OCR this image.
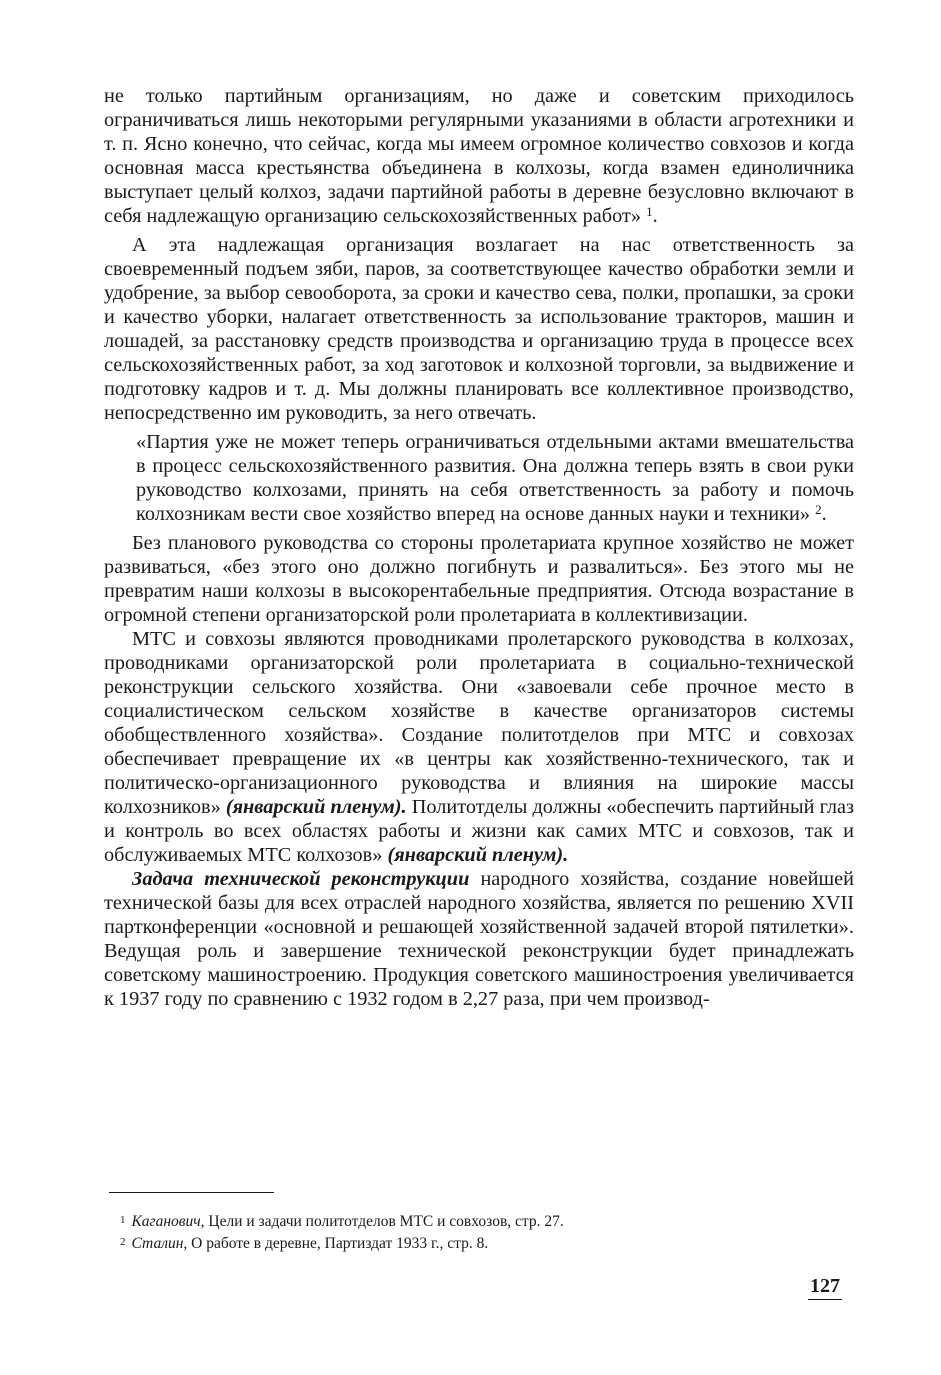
не только партийным организациям, но даже и советским приходилось ограничиваться лишь некоторыми регулярными указаниями в области агротехники и т. п. Ясно конечно, что сейчас, когда мы имеем огромное количество совхозов и когда основная масса крестьянства объединена в колхозы, когда взамен единоличника выступает целый колхоз, задачи партийной работы в деревне безусловно включают в себя надлежащую организацию сельскохозяйственных работ» $^1$.

А эта надлежащая организация возлагает на нас ответственность за своевременный подъем зяби, паров, за соответствующее качество обработки земли и удобрение, за выбор севооборота, за сроки и качество сева, полки, пропашки, за сроки и качество уборки, налагает ответственность за использование тракторов, машин и лошадей, за расстановку средств производства и организацию труда в процессе всех сельскохозяйственных работ, за ход заготовок и колхозной торговли, за выдвижение и подготовку кадров и т. д. Мы должны планировать все коллективное производство, непосредственно им руководить, за него отвечать.

«Партия уже не может теперь ограничиваться отдельными актами вмешательства в процесс сельскохозяйственного развития. Она должна теперь взять в свои руки руководство колхозами, принять на себя ответственность за работу и помочь колхозникам вести свое хозяйство вперед на основе данных науки и техники» $^2$.

Без планового руководства со стороны пролетариата крупное хозяйство не может развиваться, «без этого оно должно погибнуть и развалиться». Без этого мы не превратим наши колхозы в высокорентабельные предприятия. Отсюда возрастание в огромной степени организаторской роли пролетариата в коллективизации.

МТС и совхозы являются проводниками пролетарского руководства в колхозах, проводниками организаторской роли пролетариата в социально-технической реконструкции сельского хозяйства. Они «завоевали себе прочное место в социалистическом сельском хозяйстве в качестве организаторов системы обобществленного хозяйства». Создание политотделов при МТС и совхозах обеспечивает превращение их «в центры как хозяйственно-технического, так и политическо-организационного руководства и влияния на широкие массы колхозников» (январский пленум). Политотделы должны «обеспечить партийный глаз и контроль во всех областях работы и жизни как самих МТС и совхозов, так и обслуживаемых МТС колхозов» (январский пленум).

Задача технической реконструкции народного хозяйства, создание новейшей технической базы для всех отраслей народного хозяйства, является по решению XVII партконференции «основной и решающей хозяйственной задачей второй пятилетки». Ведущая роль и завершение технической реконструкции будет принадлежать советскому машиностроению. Продукция советского машиностроения увеличивается к 1937 году по сравнению с 1932 годом в 2,27 раза, при чем производ-

1 Каганович, Цели и задачи политотделов МТС и совхозов, стр. 27.

2 Сталин, О работе в деревне, Партиздат 1933 г., стр. 8.

127
